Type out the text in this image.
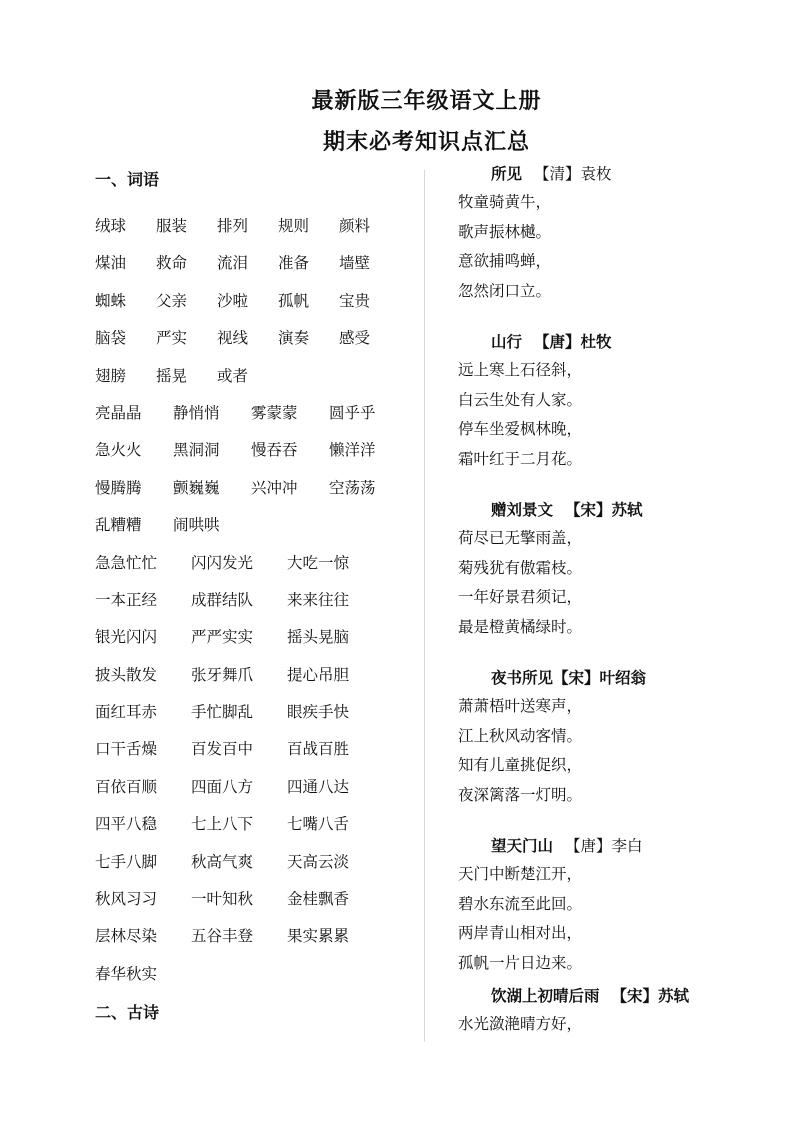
最新版三年级语文上册
期末必考知识点汇总
一、词语
绒球 服装 排列 规则 颜料
煤油 救命 流泪 准备 墙壁
蜘蛛 父亲 沙啦 孤帆 宝贵
脑袋 严实 视线 演奏 感受
翅膀 摇晃 或者
亮晶晶 静悄悄 雾蒙蒙 圆乎乎
急火火 黑洞洞 慢吞吞 懒洋洋
慢腾腾 颤巍巍 兴冲冲 空荡荡
乱糟糟 闹哄哄
急急忙忙 闪闪发光 大吃一惊
一本正经 成群结队 来来往往
银光闪闪 严严实实 摇头晃脑
披头散发 张牙舞爪 提心吊胆
面红耳赤 手忙脚乱 眼疾手快
口干舌燥 百发百中 百战百胜
百依百顺 四面八方 四通八达
四平八稳 七上八下 七嘴八舌
七手八脚 秋高气爽 天高云淡
秋风习习 一叶知秋 金桂飘香
层林尽染 五谷丰登 果实累累
春华秋实
二、古诗
所见 【清】袁枚
牧童骑黄牛，
歌声振林樾。
意欲捕鸣蝉，
忽然闭口立。
山行 【唐】杜牧
远上寒上石径斜，
白云生处有人家。
停车坐爱枫林晚，
霜叶红于二月花。
赠刘景文 【宋】苏轼
荷尽已无擎雨盖，
菊残犹有傲霜枝。
一年好景君须记，
最是橙黄橘绿时。
夜书所见【宋】叶绍翁
萧萧梧叶送寒声，
江上秋风动客情。
知有儿童挑促织，
夜深篱落一灯明。
望天门山 【唐】李白
天门中断楚江开，
碧水东流至此回。
两岸青山相对出，
孤帆一片日边来。
饮湖上初晴后雨 【宋】苏轼
水光潋滟晴方好，
